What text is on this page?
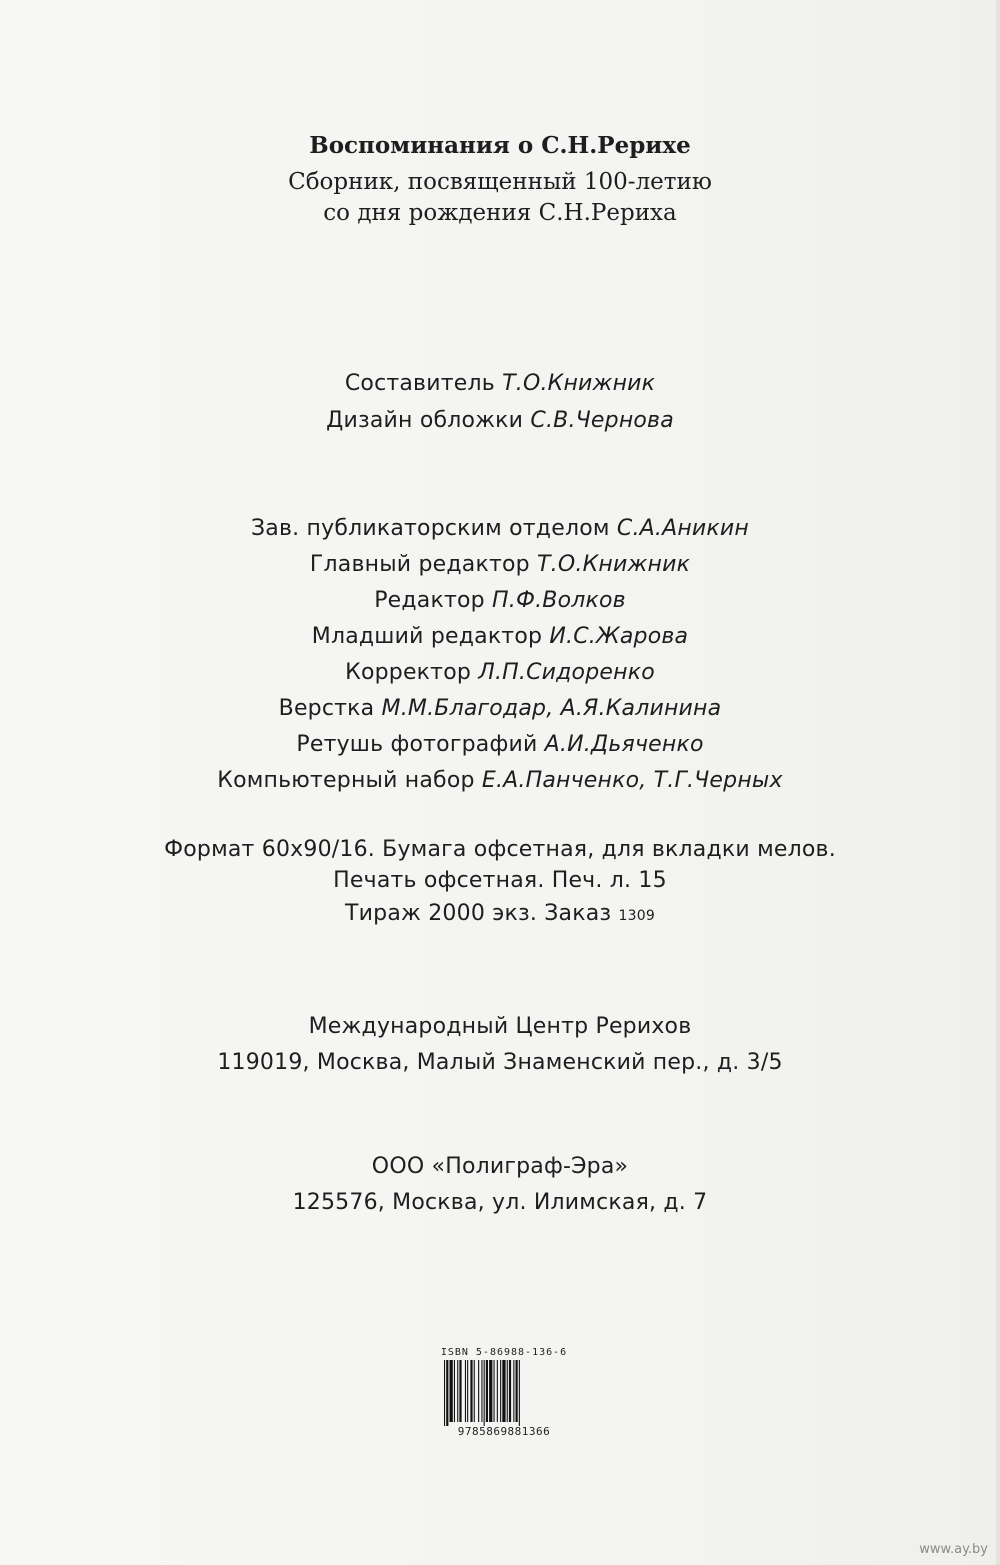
Воспоминания о С.Н.Рерихе
Сборник, посвященный 100-летию
со дня рождения С.Н.Рериха
Составитель Т.О.Книжник
Дизайн обложки С.В.Чернова
Зав. публикаторским отделом С.А.Аникин
Главный редактор Т.О.Книжник
Редактор П.Ф.Волков
Младший редактор И.С.Жарова
Корректор Л.П.Сидоренко
Верстка М.М.Благодар, А.Я.Калинина
Ретушь фотографий А.И.Дьяченко
Компьютерный набор Е.А.Панченко, Т.Г.Черных
Формат 60x90/16. Бумага офсетная, для вкладки мелов.
Печать офсетная. Печ. л. 15
Тираж 2000 экз. Заказ 1309
Международный Центр Рерихов
119019, Москва, Малый Знаменский пер., д. 3/5
ООО «Полиграф-Эра»
125576, Москва, ул. Илимская, д. 7
ISBN 5-86988-136-6
9785869881366
www.ay.by
